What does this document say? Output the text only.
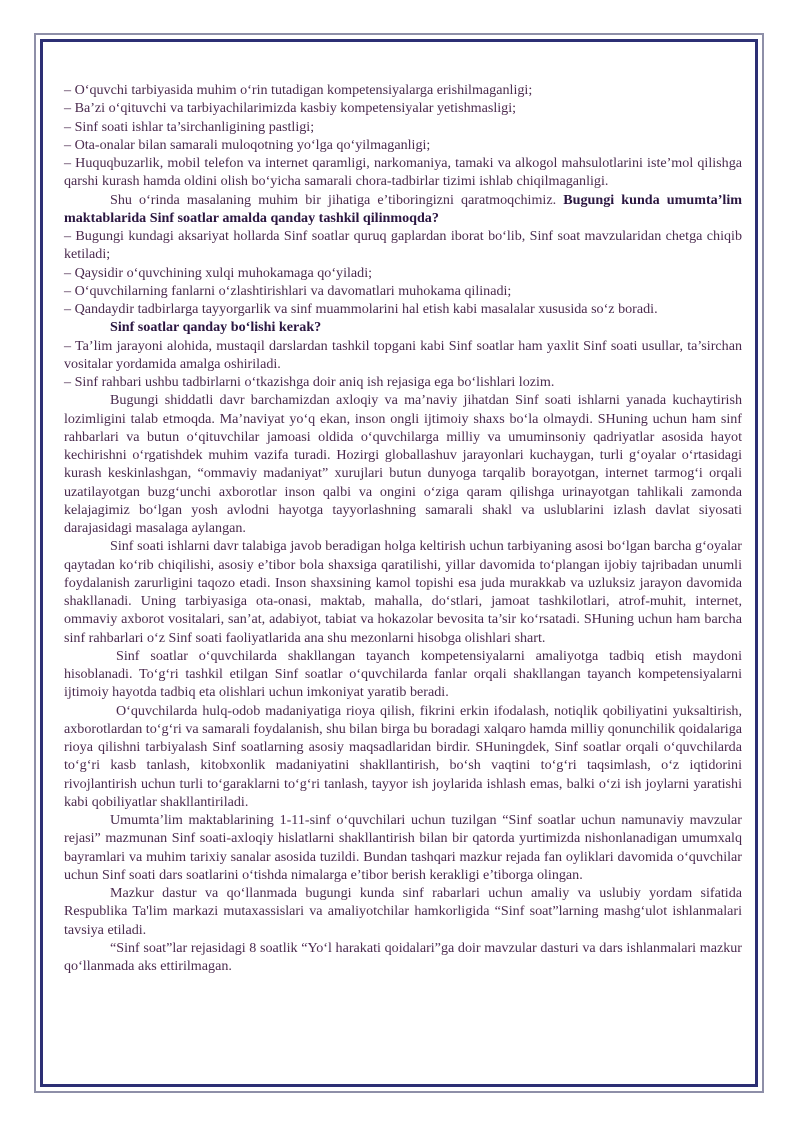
– O‘quvchi tarbiyasida muhim o‘rin tutadigan kompetensiyalarga erishilmaganligi;

– Ba’zi o‘qituvchi va tarbiyachilarimizda kasbiy kompetensiyalar yetishmasligi;

– Sinf soati ishlar ta’sirchanligining pastligi;

– Ota-onalar bilan samarali muloqotning yo‘lga qo‘yilmaganligi;

– Huquqbuzarlik, mobil telefon va internet qaramligi, narkomaniya, tamaki va alkogol mahsulotlarini iste’mol qilishga qarshi kurash hamda oldini olish bo‘yicha samarali chora-tadbirlar tizimi ishlab chiqilmaganligi.

Shu o‘rinda masalaning muhim bir jihatiga e’tiboringizni qaratmoqchimiz. Bugungi kunda umumta’lim maktablarida Sinf soatlar amalda qanday tashkil qilinmoqda?

– Bugungi kundagi aksariyat hollarda Sinf soatlar quruq gaplardan iborat bo‘lib, Sinf soat mavzularidan chetga chiqib ketiladi;

– Qaysidir o‘quvchining xulqi muhokamaga qo‘yiladi;

– O‘quvchilarning fanlarni o‘zlashtirishlari va davomatlari muhokama qilinadi;

– Qandaydir tadbirlarga tayyorgarlik va sinf muammolarini hal etish kabi masalalar xususida so‘z boradi.

Sinf soatlar qanday bo‘lishi kerak?

– Ta’lim jarayoni alohida, mustaqil darslardan tashkil topgani kabi Sinf soatlar ham yaxlit Sinf soati usullar, ta’sirchan vositalar yordamida amalga oshiriladi.

– Sinf rahbari ushbu tadbirlarni o‘tkazishga doir aniq ish rejasiga ega bo‘lishlari lozim.

Bugungi shiddatli davr barchamizdan axloqiy va ma’naviy jihatdan Sinf soati ishlarni yanada kuchaytirish lozimligini talab etmoqda. Ma’naviyat yo‘q ekan, inson ongli ijtimoiy shaxs bo‘la olmaydi. SHuning uchun ham sinf rahbarlari va butun o‘qituvchilar jamoasi oldida o‘quvchilarga milliy va umuminsoniy qadriyatlar asosida hayot kechirishni o‘rgatishdek muhim vazifa turadi. Hozirgi globallashuv jarayonlari kuchaygan, turli g‘oyalar o‘rtasidagi kurash keskinlashgan, “ommaviy madaniyat” xurujlari butun dunyoga tarqalib borayotgan, internet tarmog‘i orqali uzatilayotgan buzg‘unchi axborotlar inson qalbi va ongini o‘ziga qaram qilishga urinayotgan tahlikali zamonda kelajagimiz bo‘lgan yosh avlodni hayotga tayyorlashning samarali shakl va uslublarini izlash davlat siyosati darajasidagi masalaga aylangan.

Sinf soati ishlarni davr talabiga javob beradigan holga keltirish uchun tarbiyaning asosi bo‘lgan barcha g‘oyalar qaytadan ko‘rib chiqilishi, asosiy e’tibor bola shaxsiga qaratilishi, yillar davomida to‘plangan ijobiy tajribadan unumli foydalanish zarurligini taqozo etadi. Inson shaxsining kamol topishi esa juda murakkab va uzluksiz jarayon davomida shakllanadi. Uning tarbiyasiga ota-onasi, maktab, mahalla, do‘stlari, jamoat tashkilotlari, atrof-muhit, internet, ommaviy axborot vositalari, san’at, adabiyot, tabiat va hokazolar bevosita ta’sir ko‘rsatadi. SHuning uchun ham barcha sinf rahbarlari o‘z Sinf soati faoliyatlarida ana shu mezonlarni hisobga olishlari shart.

Sinf soatlar o‘quvchilarda shakllangan tayanch kompetensiyalarni amaliyotga tadbiq etish maydoni hisoblanadi. To‘g‘ri tashkil etilgan Sinf soatlar o‘quvchilarda fanlar orqali shakllangan tayanch kompetensiyalarni ijtimoiy hayotda tadbiq eta olishlari uchun imkoniyat yaratib beradi.

O‘quvchilarda hulq-odob madaniyatiga rioya qilish, fikrini erkin ifodalash, notiqlik qobiliyatini yuksaltirish, axborotlardan to‘g‘ri va samarali foydalanish, shu bilan birga bu boradagi xalqaro hamda milliy qonunchilik qoidalariga rioya qilishni tarbiyalash Sinf soatlarning asosiy maqsadlaridan birdir. SHuningdek, Sinf soatlar orqali o‘quvchilarda to‘g‘ri kasb tanlash, kitobxonlik madaniyatini shakllantirish, bo‘sh vaqtini to‘g‘ri taqsimlash, o‘z iqtidorini rivojlantirish uchun turli to‘garaklarni to‘g‘ri tanlash, tayyor ish joylarida ishlash emas, balki o‘zi ish joylarni yaratishi kabi qobiliyatlar shakllantiriladi.

Umumta’lim maktablarining 1-11-sinf o‘quvchilari uchun tuzilgan “Sinf soatlar uchun namunaviy mavzular rejasi” mazmunan Sinf soati-axloqiy hislatlarni shakllantirish bilan bir qatorda yurtimizda nishonlanadigan umumxalq bayramlari va muhim tarixiy sanalar asosida tuzildi. Bundan tashqari mazkur rejada fan oyliklari davomida o‘quvchilar uchun Sinf soati dars soatlarini o‘tishda nimalarga e’tibor berish kerakligi e’tiborga olingan.

Mazkur dastur va qo‘llanmada bugungi kunda sinf rabarlari uchun amaliy va uslubiy yordam sifatida Respublika Ta'lim markazi mutaxassislari va amaliyotchilar hamkorligida “Sinf soat”larning mashg‘ulot ishlanmalari tavsiya etiladi.

“Sinf soat”lar rejasidagi 8 soatlik “Yo‘l harakati qoidalari”ga doir mavzular dasturi va dars ishlanmalari mazkur qo‘llanmada aks ettirilmagan.
